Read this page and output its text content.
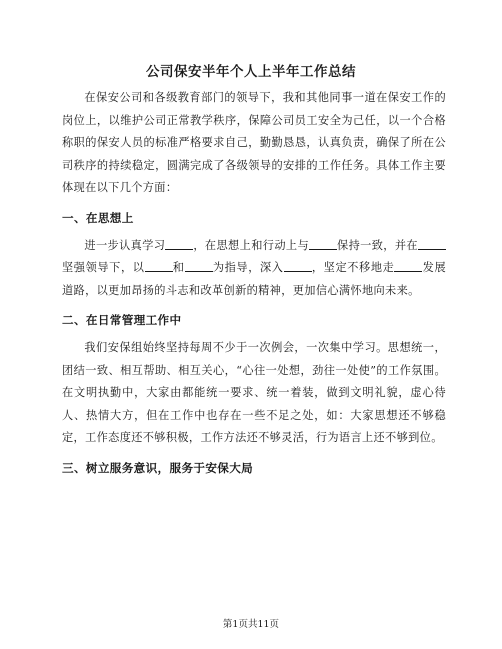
公司保安半年个人上半年工作总结

在保安公司和各级教育部门的领导下，我和其他同事一道在保安工作的岗位上，以维护公司正常教学秩序，保障公司员工安全为己任，以一个合格称职的保安人员的标准严格要求自己，勤勤恳恳，认真负责，确保了所在公司秩序的持续稳定，圆满完成了各级领导的安排的工作任务。具体工作主要体现在以下几个方面：

一、在思想上

进一步认真学习	，在思想上和行动上与	保持一致，并在坚强领导下，以	和	为指导，深入	，坚定不移地走	发展道路，以更加昂扬的斗志和改革创新的精神，更加信心满怀地向未来。

二、在日常管理工作中

我们安保组始终坚持每周不少于一次例会，一次集中学习。思想统一，团结一致、相互帮助、相互关心，“心往一处想，劲往一处使”的工作氛围。在文明执勤中，大家由都能统一要求、统一着装，做到文明礼貌，虚心待人、热情大方，但在工作中也存在一些不足之处，如：大家思想还不够稳定，工作态度还不够积极，工作方法还不够灵活，行为语言上还不够到位。

三、树立服务意识，服务于安保大局

第1页共11页
